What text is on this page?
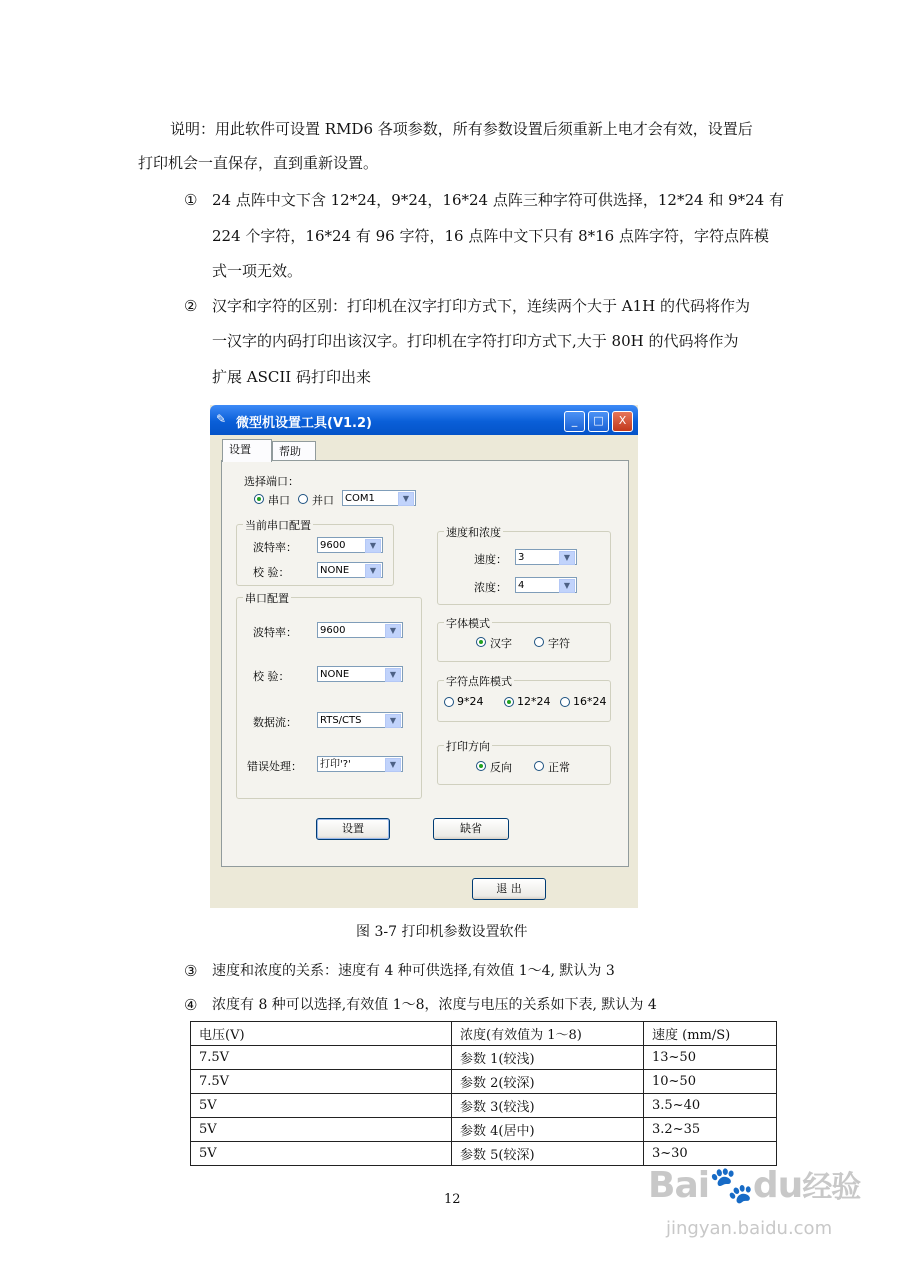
说明：用此软件可设置 RMD6 各项参数，所有参数设置后须重新上电才会有效，设置后
打印机会一直保存，直到重新设置。
① 24 点阵中文下含 12*24，9*24，16*24 点阵三种字符可供选择，12*24 和 9*24 有
224 个字符，16*24 有 96 字符，16 点阵中文下只有 8*16 点阵字符，字符点阵模
式一项无效。
② 汉字和字符的区别：打印机在汉字打印方式下，连续两个大于 A1H 的代码将作为
一汉字的内码打印出该汉字。打印机在字符打印方式下,大于 80H 的代码将作为
扩展 ASCII 码打印出来
✎ 微型机设置工具(V1.2)	_	□	X
设置	帮助
选择端口：
串口 并口	COM1	▼
当前串口配置
波特率：	9600	▼
校 验：	NONE	▼
串口配置
波特率：	9600	▼
校 验：	NONE	▼
数据流：	RTS/CTS	▼
错误处理：	打印'?'	▼
速度和浓度
速度：	3	▼
浓度：	4	▼
字体模式
汉字	字符
字符点阵模式
9*24	12*24 16*24
打印方向
反向	正常
设置	缺省
退 出
图 3-7 打印机参数设置软件
③ 速度和浓度的关系：速度有 4 种可供选择,有效值 1～4, 默认为 3
④ 浓度有 8 种可以选择,有效值 1～8，浓度与电压的关系如下表, 默认为 4
电压(V)	浓度(有效值为 1～8)	速度 (mm/S)
7.5V	参数 1(较浅)	13~50
7.5V	参数 2(较深)	10~50
5V	参数 3(较浅)	3.5~40
5V	参数 4(居中)	3.2~35
5V	参数 5(较深)	3~30
12	Bai🐾du经验
jingyan.baidu.com
